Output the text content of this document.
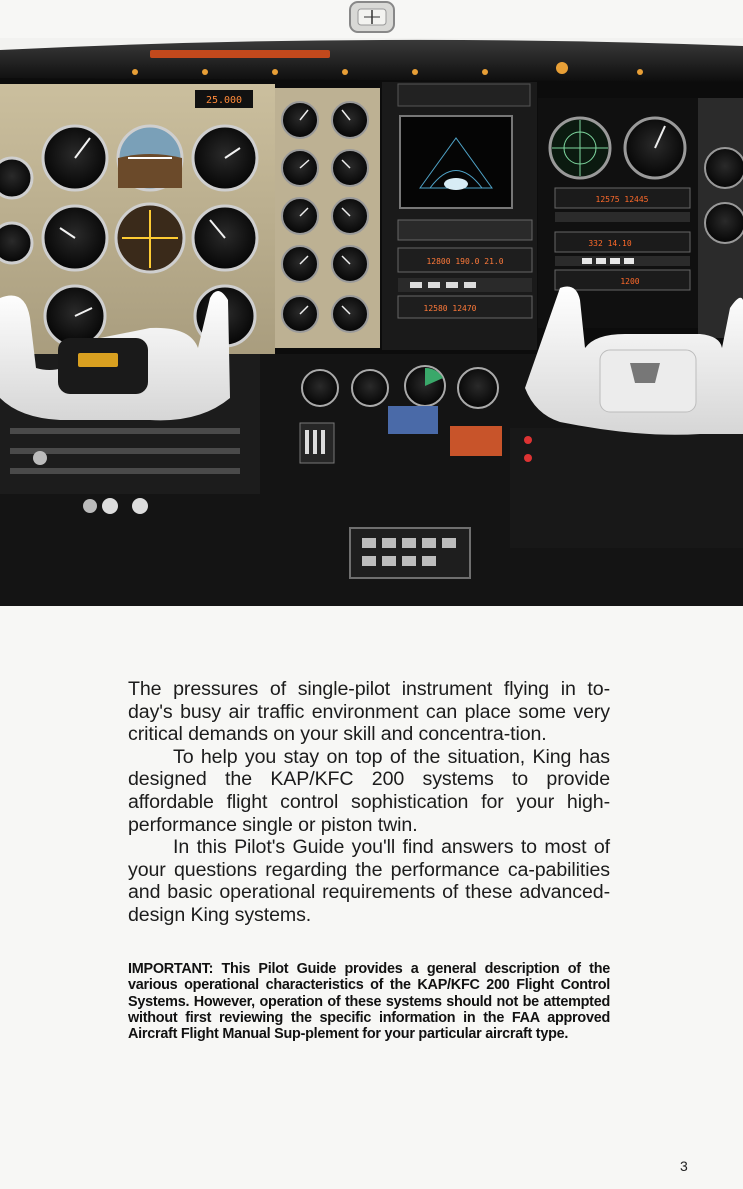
25.000
12800 190.0 21.0
12580 12470
12575 12445
332 14.10
1200

The pressures of single-pilot instrument flying in to-day's busy air traffic environment can place some very critical demands on your skill and concentra-tion.

To help you stay on top of the situation, King has designed the KAP/KFC 200 systems to provide affordable flight control sophistication for your high-performance single or piston twin.

In this Pilot's Guide you'll find answers to most of your questions regarding the performance ca-pabilities and basic operational requirements of these advanced-design King systems.

IMPORTANT: This Pilot Guide provides a general description of the various operational characteristics of the KAP/KFC 200 Flight Control Systems. However, operation of these systems should not be attempted without first reviewing the specific information in the FAA approved Aircraft Flight Manual Sup-plement for your particular aircraft type.

3
